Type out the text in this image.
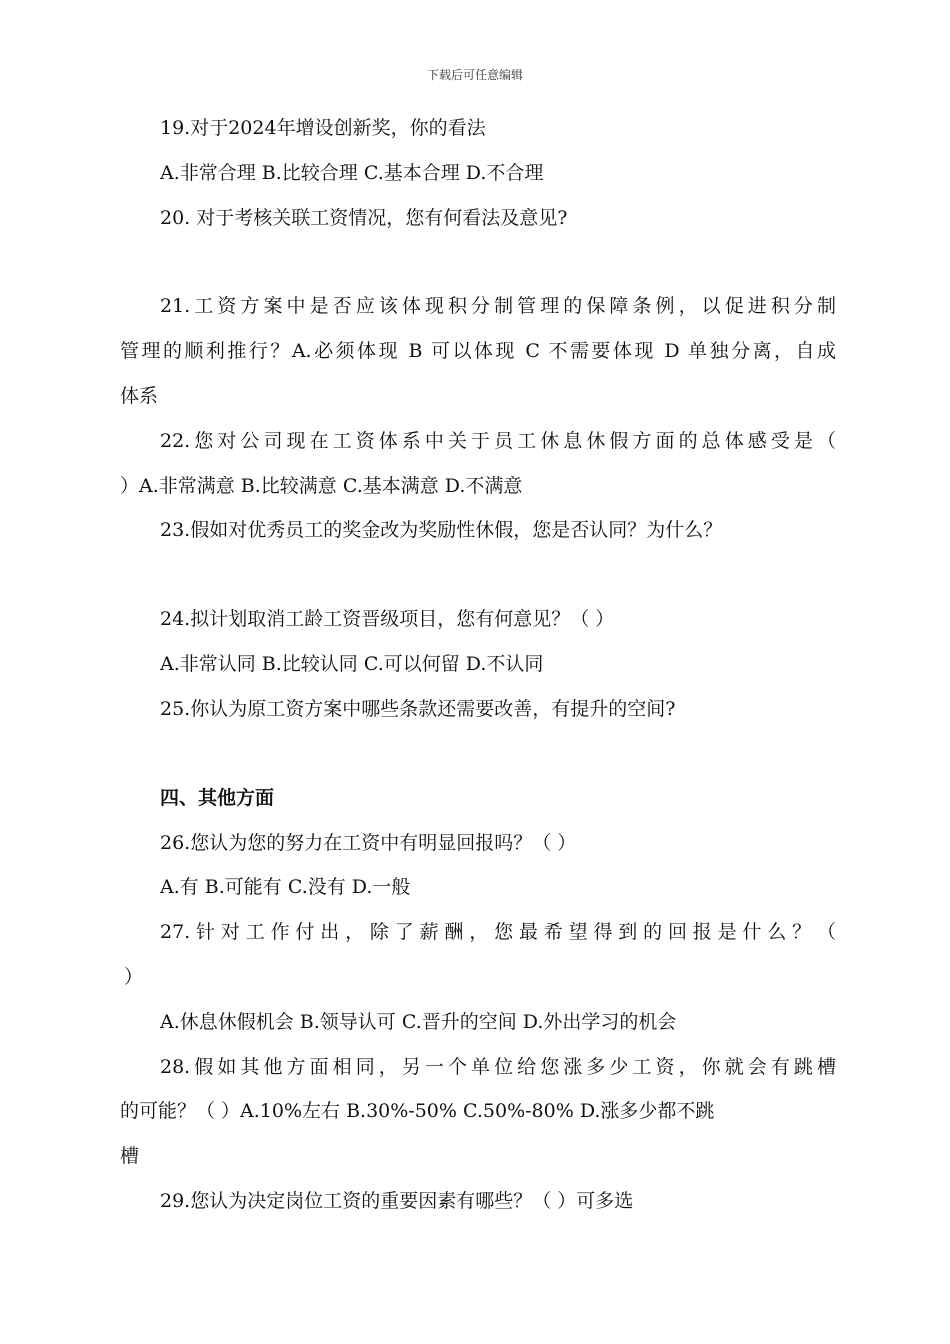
下载后可任意编辑
19.对于2024年增设创新奖，你的看法
A.非常合理 B.比较合理 C.基本合理 D.不合理
20. 对于考核关联工资情况，您有何看法及意见?
21.工资方案中是否应该体现积分制管理的保障条例，以促进积分制
管理的顺利推行？A.必须体现 B 可以体现 C 不需要体现 D 单独分离，自成
体系
22.您对公司现在工资体系中关于员工休息休假方面的总体感受是（
）A.非常满意 B.比较满意 C.基本满意 D.不满意
23.假如对优秀员工的奖金改为奖励性休假，您是否认同？为什么？
24.拟计划取消工龄工资晋级项目，您有何意见？（ ）
A.非常认同 B.比较认同 C.可以何留 D.不认同
25.你认为原工资方案中哪些条款还需要改善，有提升的空间?
四、其他方面
26.您认为您的努力在工资中有明显回报吗？（ ）
A.有 B.可能有 C.没有 D.一般
27.针对工作付出，除了薪酬，您最希望得到的回报是什么？（
）
A.休息休假机会 B.领导认可 C.晋升的空间 D.外出学习的机会
28.假如其他方面相同，另一个单位给您涨多少工资，你就会有跳槽
的可能？（ ）A.10%左右 B.30%-50% C.50%-80% D.涨多少都不跳
槽
29.您认为决定岗位工资的重要因素有哪些？（ ）可多选
